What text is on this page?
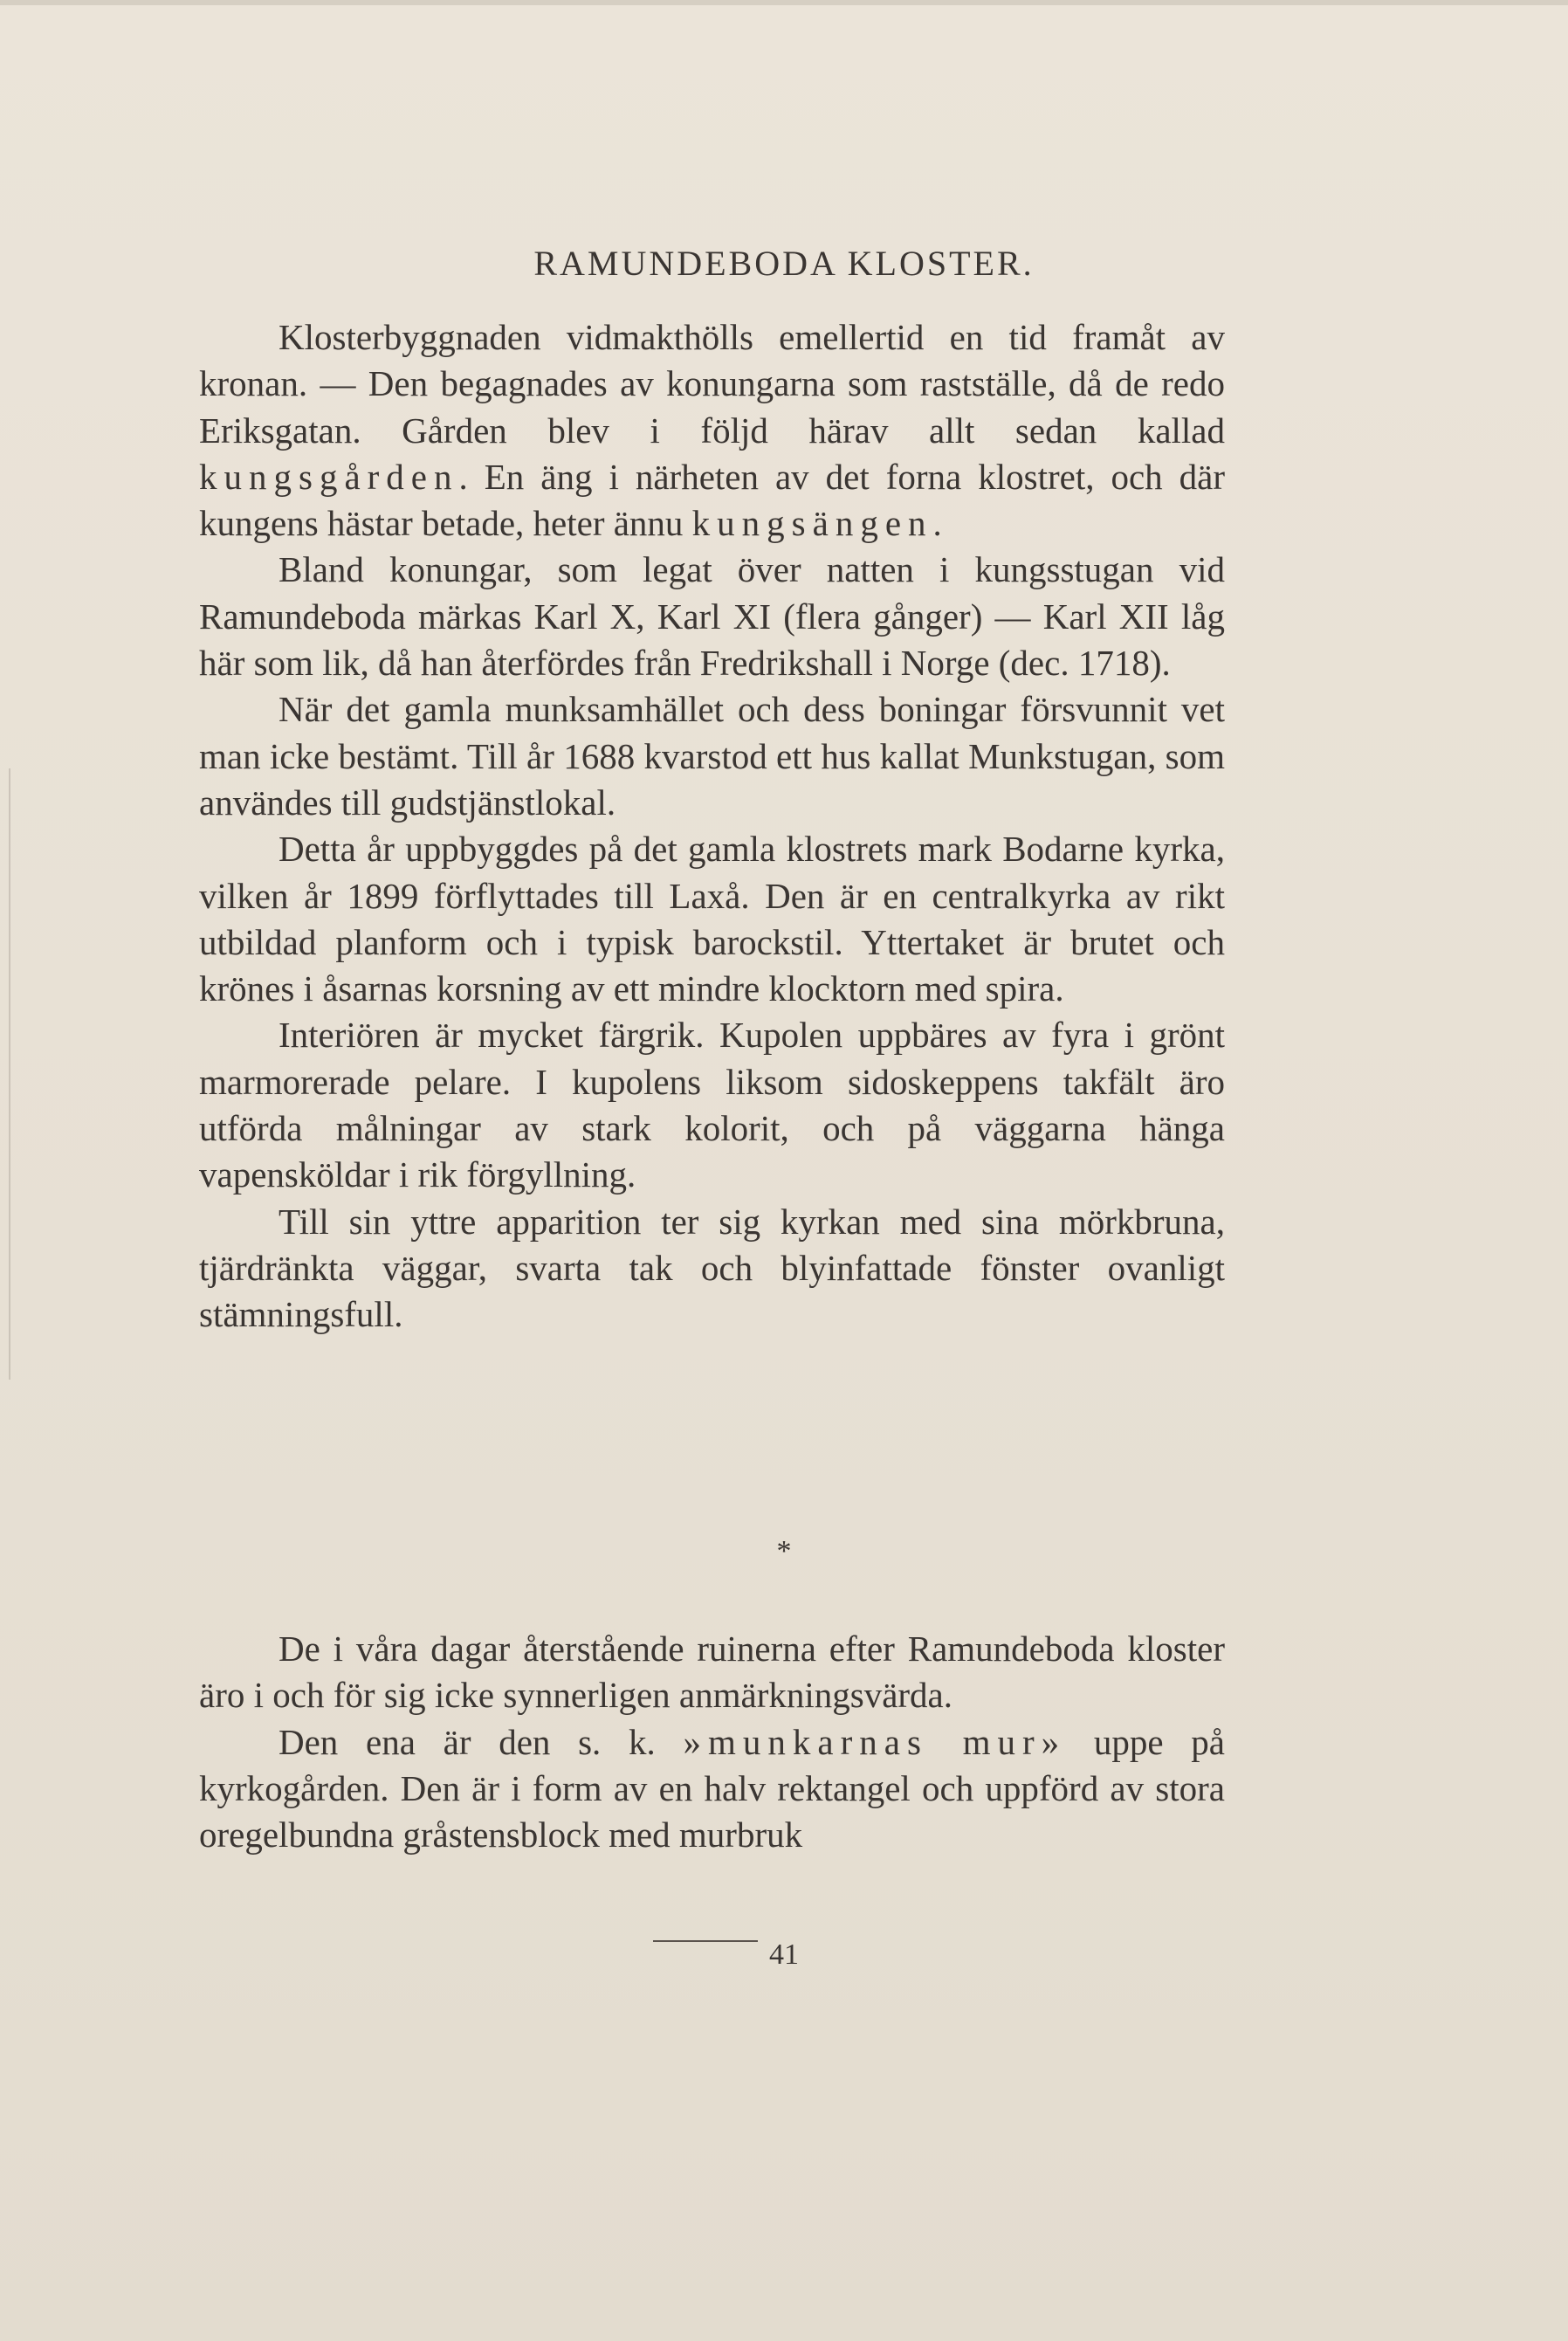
RAMUNDEBODA KLOSTER.

Klosterbyggnaden vidmakthölls emellertid en tid framåt av kronan. — Den begagnades av konungarna som rastställe, då de redo Eriksgatan. Gården blev i följd härav allt sedan kallad kungsgården. En äng i närheten av det forna klostret, och där kungens hästar betade, heter ännu kungsängen.

Bland konungar, som legat över natten i kungsstugan vid Ramundeboda märkas Karl X, Karl XI (flera gånger) — Karl XII låg här som lik, då han återfördes från Fredrikshall i Norge (dec. 1718).

När det gamla munksamhället och dess boningar försvunnit vet man icke bestämt. Till år 1688 kvarstod ett hus kallat Munkstugan, som användes till gudstjänstlokal.

Detta år uppbyggdes på det gamla klostrets mark Bodarne kyrka, vilken år 1899 förflyttades till Laxå. Den är en centralkyrka av rikt utbildad planform och i typisk barockstil. Yttertaket är brutet och krönes i åsarnas korsning av ett mindre klocktorn med spira.

Interiören är mycket färgrik. Kupolen uppbäres av fyra i grönt marmorerade pelare. I kupolens liksom sidoskeppens takfält äro utförda målningar av stark kolorit, och på väggarna hänga vapensköldar i rik förgyllning.

Till sin yttre apparition ter sig kyrkan med sina mörkbruna, tjärdränkta väggar, svarta tak och blyinfattade fönster ovanligt stämningsfull.

*

De i våra dagar återstående ruinerna efter Ramundeboda kloster äro i och för sig icke synnerligen anmärkningsvärda.

Den ena är den s. k. »munkarnas mur» uppe på kyrkogården. Den är i form av en halv rektangel och uppförd av stora oregelbundna gråstensblock med murbruk

41
